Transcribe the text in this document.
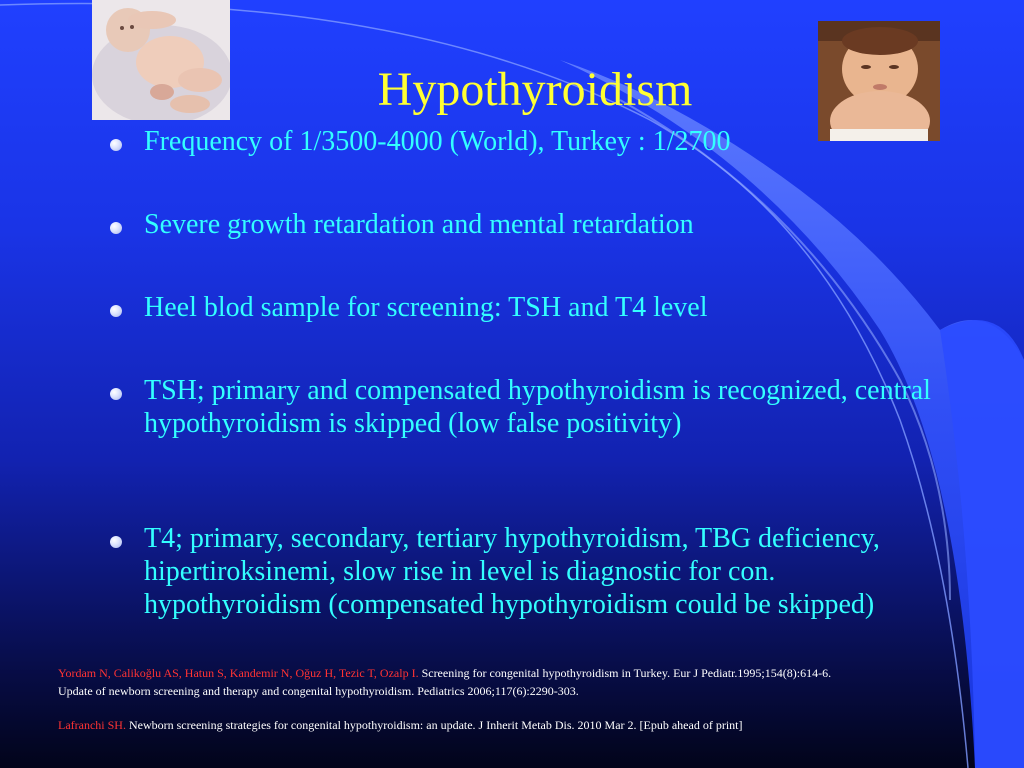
Hypothyroidism
Frequency of 1/3500-4000 (World), Turkey : 1/2700
Severe growth retardation and mental retardation
Heel blod sample for screening: TSH and T4 level
TSH; primary and compensated hypothyroidism is recognized, central hypothyroidism is skipped (low false positivity)
T4; primary, secondary, tertiary hypothyroidism, TBG deficiency, hipertiroksinemi, slow rise in level is diagnostic for con. hypothyroidism (compensated hypothyroidism could be skipped)

Yordam N, Calikoğlu AS, Hatun S, Kandemir N, Oğuz H, Tezic T, Ozalp I. Screening for congenital hypothyroidism in Turkey. Eur J Pediatr.1995;154(8):614-6.

Update of newborn screening and therapy and congenital hypothyroidism. Pediatrics 2006;117(6):2290-303.

Lafranchi SH. Newborn screening strategies for congenital hypothyroidism: an update. J Inherit Metab Dis. 2010 Mar 2. [Epub ahead of print]
